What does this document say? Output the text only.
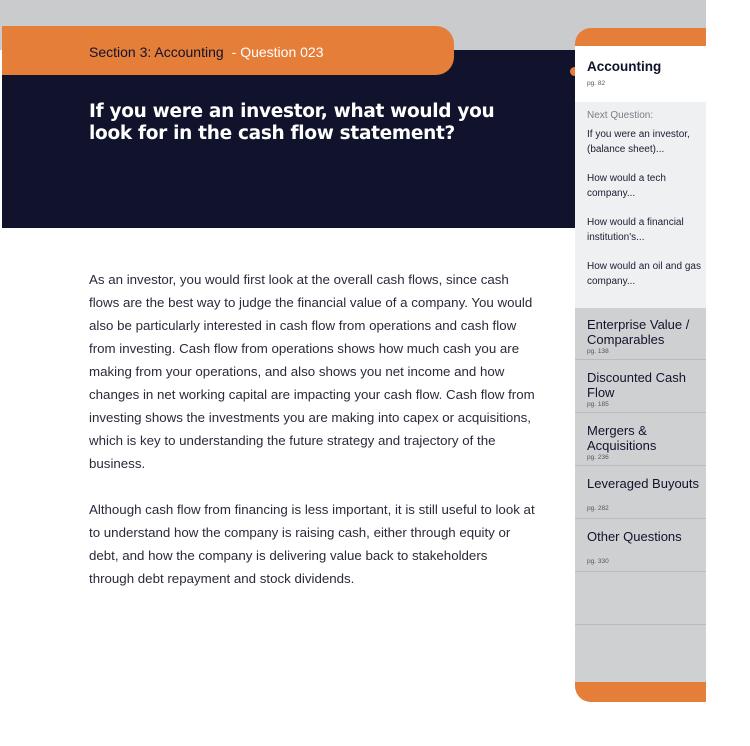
Section 3: Accounting - Question 023
If you were an investor, what would you look for in the cash flow statement?

As an investor, you would first look at the overall cash flows, since cash flows are the best way to judge the financial value of a company. You would also be particularly interested in cash flow from operations and cash flow from investing. Cash flow from operations shows how much cash you are making from your operations, and also shows you net income and how changes in net working capital are impacting your cash flow. Cash flow from investing shows the investments you are making into capex or acquisitions, which is key to understanding the future strategy and trajectory of the business.

Although cash flow from financing is less important, it is still useful to look at to understand how the company is raising cash, either through equity or debt, and how the company is delivering value back to stakeholders through debt repayment and stock dividends.

Accounting
pg. 82
Next Question:
If you were an investor, (balance sheet)...
How would a tech company...
How would a financial institution's...
How would an oil and gas company...
Enterprise Value / Comparables
pg. 138
Discounted Cash Flow
pg. 185
Mergers & Acquisitions
pg. 236
Leveraged Buyouts
pg. 282
Other Questions
pg. 330
